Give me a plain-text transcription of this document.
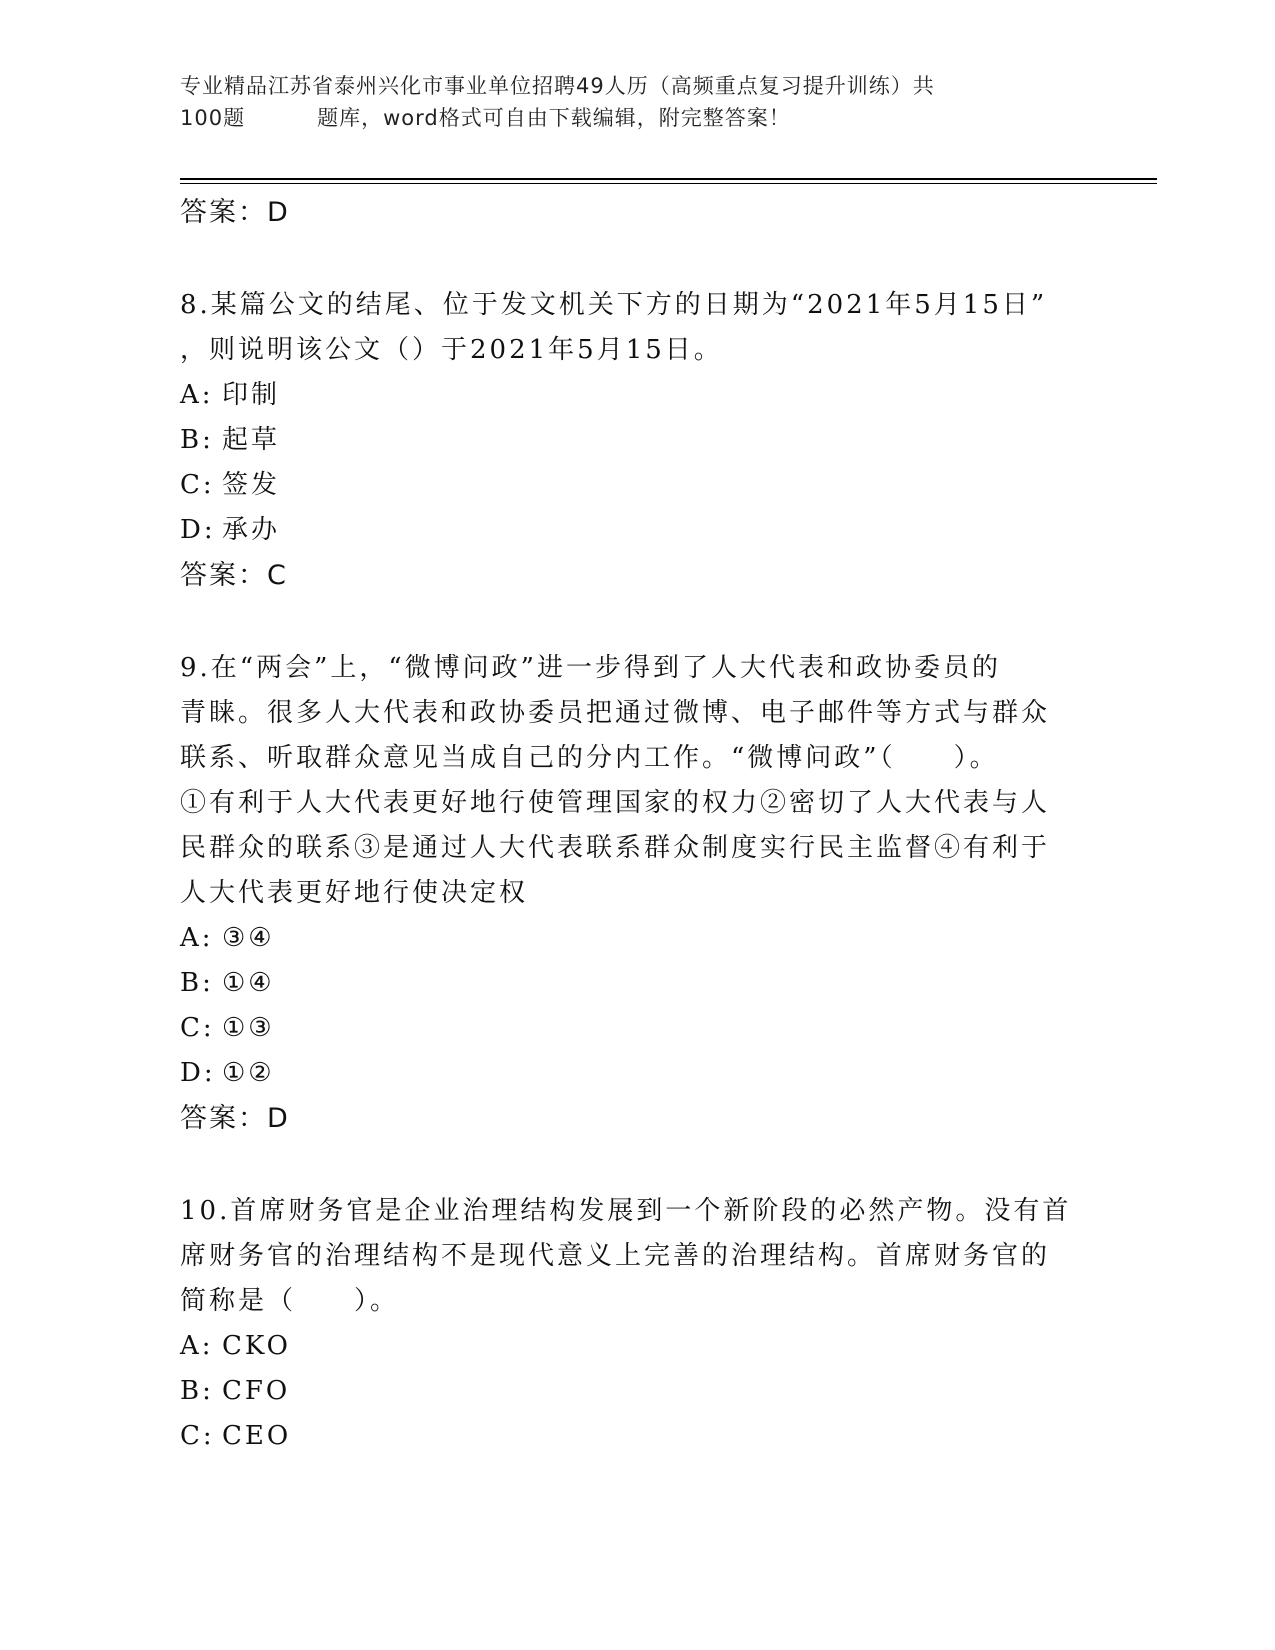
专业精品江苏省泰州兴化市事业单位招聘49人历（高频重点复习提升训练）共
100题	题库，word格式可自由下载编辑，附完整答案！
答案：D
8.某篇公文的结尾、位于发文机关下方的日期为“2021年5月15日”
，则说明该公文（）于2021年5月15日。
A: 印制
B: 起草
C: 签发
D: 承办
答案：C
9.在“两会”上，“微博问政”进一步得到了人大代表和政协委员的
青睐。很多人大代表和政协委员把通过微博、电子邮件等方式与群众
联系、听取群众意见当成自己的分内工作。“微博问政”（　　）。
①有利于人大代表更好地行使管理国家的权力②密切了人大代表与人
民群众的联系③是通过人大代表联系群众制度实行民主监督④有利于
人大代表更好地行使决定权
A: ③④
B: ①④
C: ①③
D: ①②
答案：D
10.首席财务官是企业治理结构发展到一个新阶段的必然产物。没有首
席财务官的治理结构不是现代意义上完善的治理结构。首席财务官的
简称是（　　）。
A: CKO
B: CFO
C: CEO
